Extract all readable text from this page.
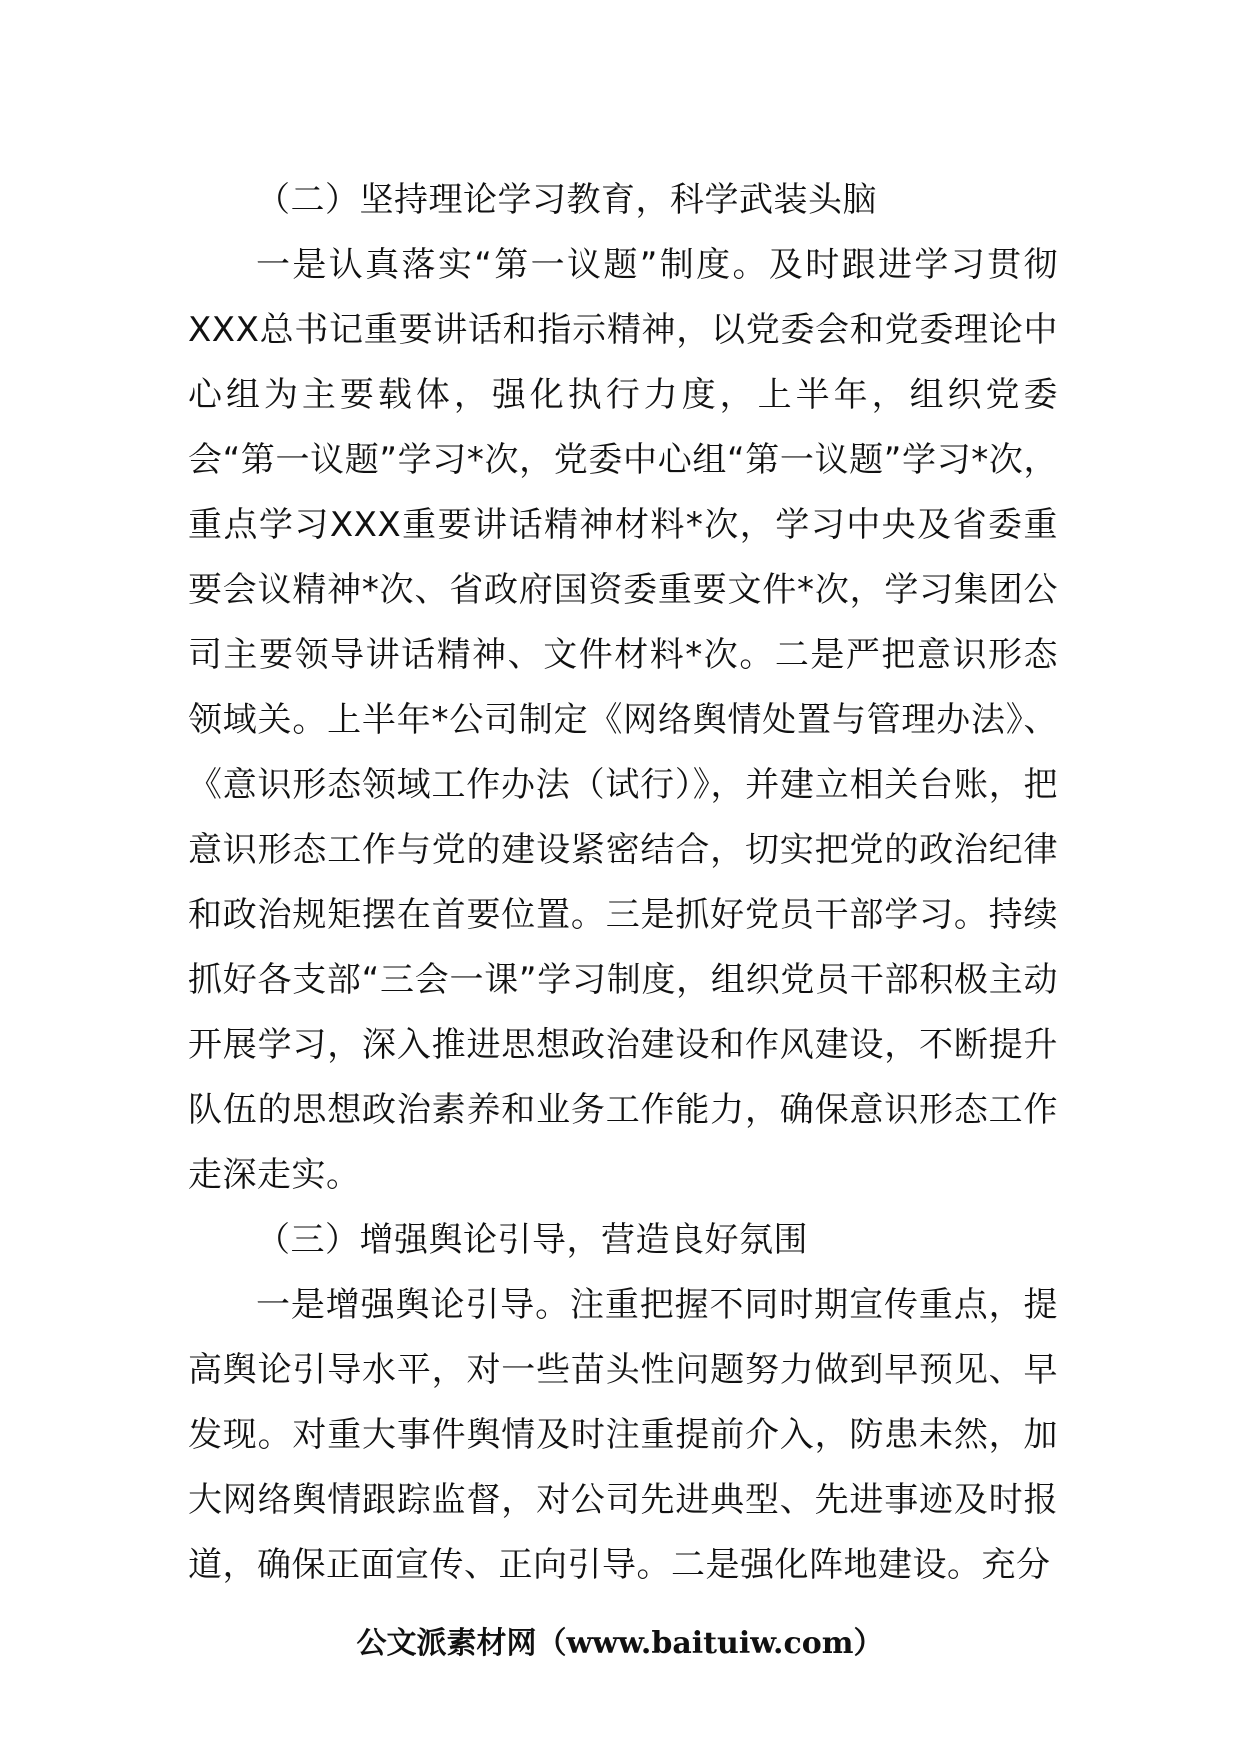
（二）坚持理论学习教育，科学武装头脑

一是认真落实“第一议题”制度。及时跟进学习贯彻XXX总书记重要讲话和指示精神，以党委会和党委理论中心组为主要载体，强化执行力度，上半年，组织党委会“第一议题”学习*次，党委中心组“第一议题”学习*次，重点学习XXX重要讲话精神材料*次，学习中央及省委重要会议精神*次、省政府国资委重要文件*次，学习集团公司主要领导讲话精神、文件材料*次。二是严把意识形态领域关。上半年*公司制定《网络舆情处置与管理办法》、《意识形态领域工作办法（试行）》，并建立相关台账，把意识形态工作与党的建设紧密结合，切实把党的政治纪律和政治规矩摆在首要位置。三是抓好党员干部学习。持续抓好各支部“三会一课”学习制度，组织党员干部积极主动开展学习，深入推进思想政治建设和作风建设，不断提升队伍的思想政治素养和业务工作能力，确保意识形态工作走深走实。

（三）增强舆论引导，营造良好氛围

一是增强舆论引导。注重把握不同时期宣传重点，提高舆论引导水平，对一些苗头性问题努力做到早预见、早发现。对重大事件舆情及时注重提前介入，防患未然，加大网络舆情跟踪监督，对公司先进典型、先进事迹及时报道，确保正面宣传、正向引导。二是强化阵地建设。充分

公文派素材网（www.baituiw.com）
